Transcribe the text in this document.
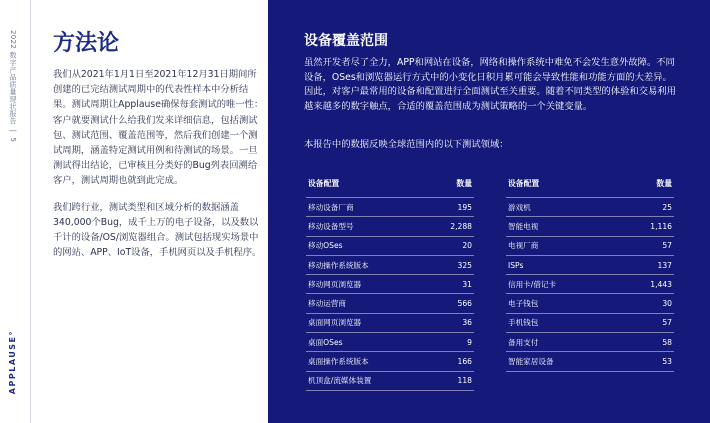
2022 数字产品质量现状报告  |  5
APPLAUSE°
方法论

我们从2021年1月1日至2021年12月31日期间所创建的已完结测试周期中的代表性样本中分析结果。测试周期让Applause确保每套测试的唯一性：客户就要测试什么给我们发来详细信息，包括测试包、测试范围、覆盖范围等，然后我们创建一个测试周期，涵盖特定测试用例和待测试的场景。一旦测试得出结论，已审核且分类好的Bug列表回溯给客户，测试周期也就到此完成。

我们跨行业，测试类型和区域分析的数据涵盖340,000个Bug，成千上万的电子设备，以及数以千计的设备/OS/浏览器组合。测试包括现实场景中的网站、APP、IoT设备，手机网页以及手机程序。

设备覆盖范围

虽然开发者尽了全力，APP和网站在设备，网络和操作系统中难免不会发生意外故障。不同设备，OSes和浏览器运行方式中的小变化日积月累可能会导致性能和功能方面的大差异。因此，对客户最常用的设备和配置进行全面测试至关重要。随着不同类型的体验和交易利用越来越多的数字触点，合适的覆盖范围成为测试策略的一个关键变量。

本报告中的数据反映全球范围内的以下测试领域：

设备配置	数量
移动设备厂商	195
移动设备型号	2,288
移动OSes	20
移动操作系统版本	325
移动网页浏览器	31
移动运营商	566
桌面网页浏览器	36
桌面OSes	9
桌面操作系统版本	166
机顶盒/流媒体装置	118
设备配置	数量
游戏机	25
智能电视	1,116
电视厂商	57
ISPs	137
信用卡/借记卡	1,443
电子钱包	30
手机钱包	57
备用支付	58
智能家居设备	53
